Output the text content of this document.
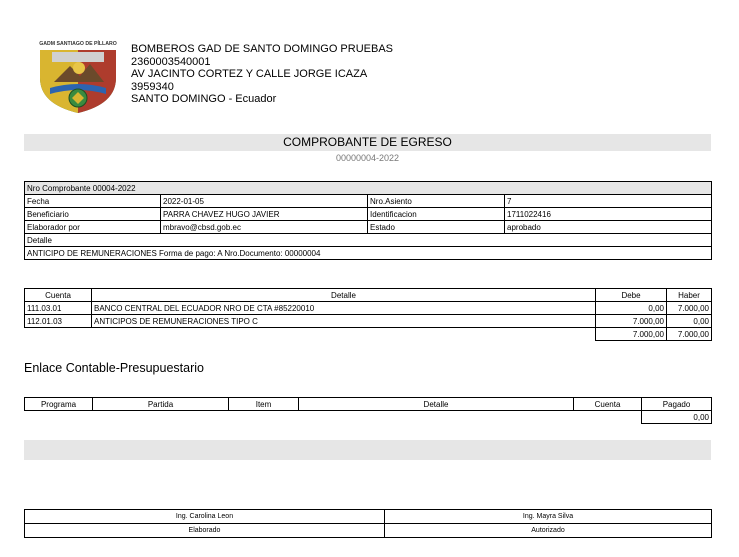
GADM SANTIAGO DE PÍLLARO BOMBEROS GAD DE SANTO DOMINGO PRUEBAS
2360003540001
AV JACINTO CORTEZ Y CALLE JORGE ICAZA
3959340
SANTO DOMINGO - Ecuador
COMPROBANTE DE EGRESO
00000004-2022
Nro Comprobante 00004-2022			
Fecha	2022-01-05	Nro.Asiento	7
Beneficiario	PARRA CHAVEZ HUGO JAVIER	Identificacion	1711022416
Elaborador por	mbravo@cbsd.gob.ec	Estado	aprobado
Detalle			
ANTICIPO DE REMUNERACIONES Forma de pago: A Nro.Documento: 00000004			
Cuenta	Detalle	Debe	Haber
111.03.01	BANCO CENTRAL DEL ECUADOR NRO DE CTA #85220010	0,00	7.000,00
112.01.03	ANTICIPOS DE REMUNERACIONES TIPO C	7.000,00	0,00
		7.000,00	7.000,00
Enlace Contable-Presupuestario
Programa	Partida	Item	Detalle	Cuenta	Pagado
					0,00
Ing. Carolina Leon	Ing. Mayra Silva
Elaborado	Autorizado
